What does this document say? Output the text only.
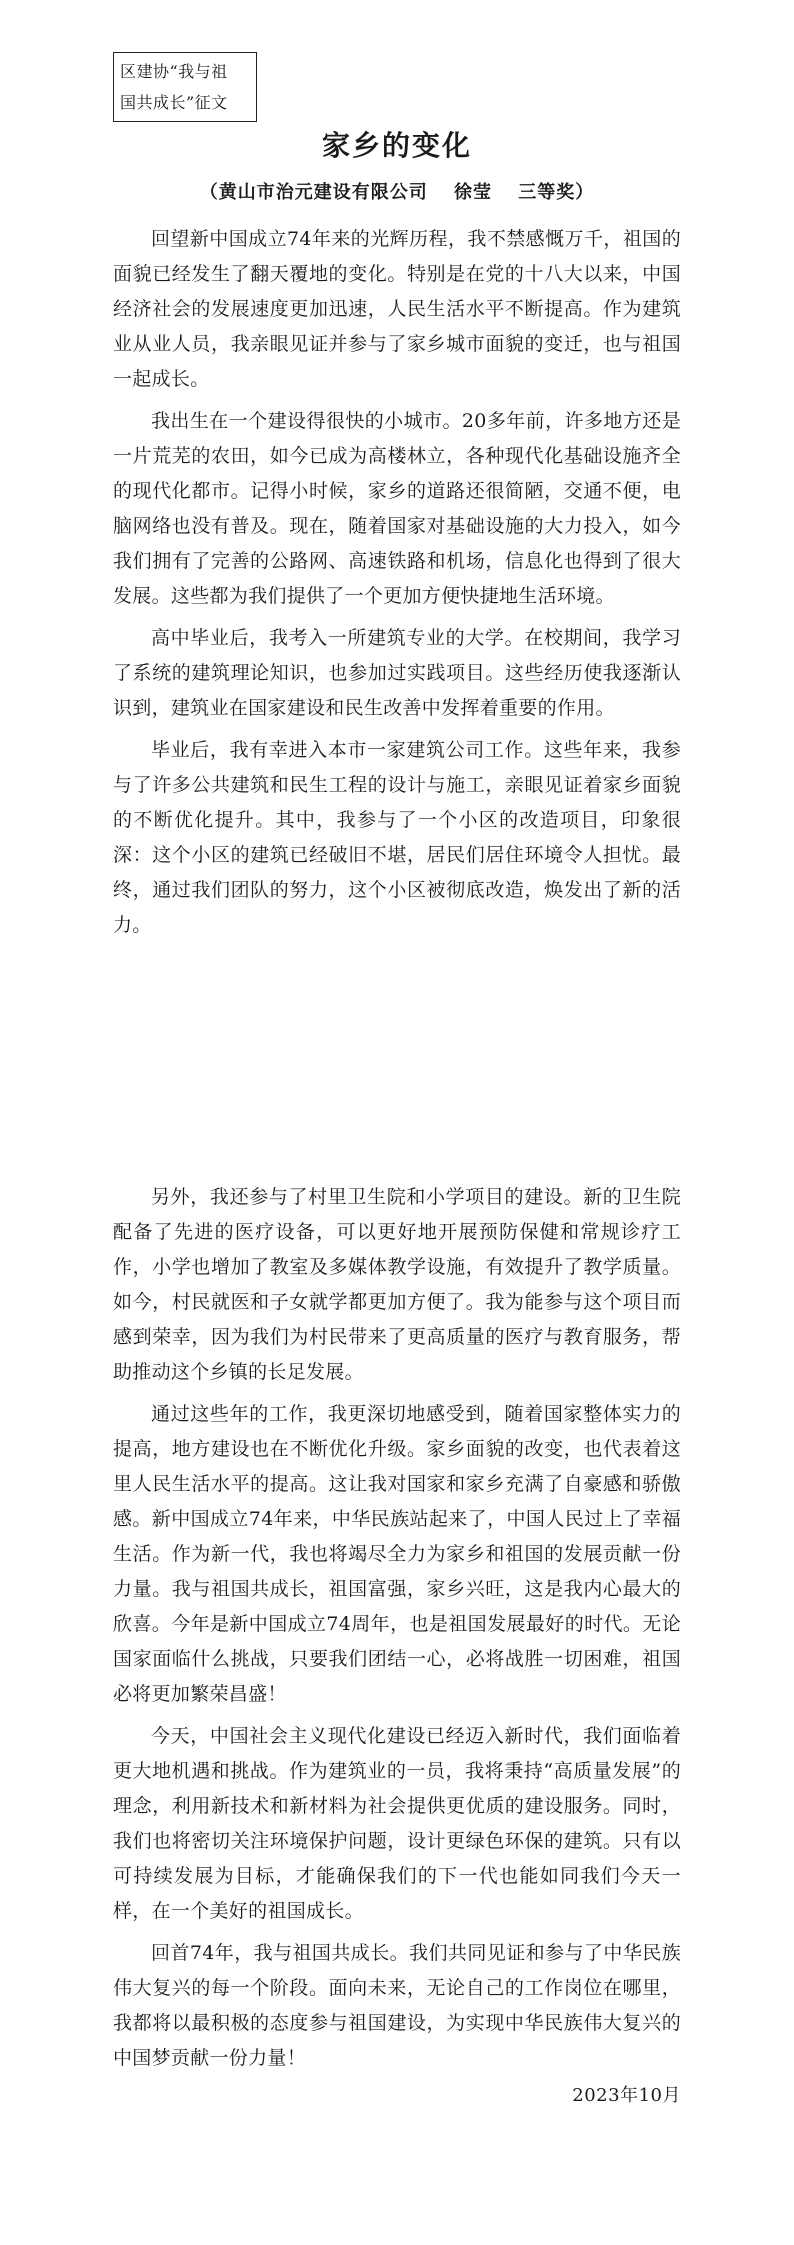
区建协“我与祖
国共成长”征文
家乡的变化
（黄山市治元建设有限公司　 徐莹　 三等奖）

回望新中国成立74年来的光辉历程，我不禁感慨万千，祖国的面貌已经发生了翻天覆地的变化。特别是在党的十八大以来，中国经济社会的发展速度更加迅速，人民生活水平不断提高。作为建筑业从业人员，我亲眼见证并参与了家乡城市面貌的变迁，也与祖国一起成长。

我出生在一个建设得很快的小城市。20多年前，许多地方还是一片荒芜的农田，如今已成为高楼林立，各种现代化基础设施齐全的现代化都市。记得小时候，家乡的道路还很简陋，交通不便，电脑网络也没有普及。现在，随着国家对基础设施的大力投入，如今我们拥有了完善的公路网、高速铁路和机场，信息化也得到了很大发展。这些都为我们提供了一个更加方便快捷地生活环境。

高中毕业后，我考入一所建筑专业的大学。在校期间，我学习了系统的建筑理论知识，也参加过实践项目。这些经历使我逐渐认识到，建筑业在国家建设和民生改善中发挥着重要的作用。

毕业后，我有幸进入本市一家建筑公司工作。这些年来，我参与了许多公共建筑和民生工程的设计与施工，亲眼见证着家乡面貌的不断优化提升。其中，我参与了一个小区的改造项目，印象很深：这个小区的建筑已经破旧不堪，居民们居住环境令人担忧。最终，通过我们团队的努力，这个小区被彻底改造，焕发出了新的活力。

另外，我还参与了村里卫生院和小学项目的建设。新的卫生院配备了先进的医疗设备，可以更好地开展预防保健和常规诊疗工作，小学也增加了教室及多媒体教学设施，有效提升了教学质量。如今，村民就医和子女就学都更加方便了。我为能参与这个项目而感到荣幸，因为我们为村民带来了更高质量的医疗与教育服务，帮助推动这个乡镇的长足发展。

通过这些年的工作，我更深切地感受到，随着国家整体实力的提高，地方建设也在不断优化升级。家乡面貌的改变，也代表着这里人民生活水平的提高。这让我对国家和家乡充满了自豪感和骄傲感。新中国成立74年来，中华民族站起来了，中国人民过上了幸福生活。作为新一代，我也将竭尽全力为家乡和祖国的发展贡献一份力量。我与祖国共成长，祖国富强，家乡兴旺，这是我内心最大的欣喜。今年是新中国成立74周年，也是祖国发展最好的时代。无论国家面临什么挑战，只要我们团结一心，必将战胜一切困难，祖国必将更加繁荣昌盛！

今天，中国社会主义现代化建设已经迈入新时代，我们面临着更大地机遇和挑战。作为建筑业的一员，我将秉持“高质量发展”的理念，利用新技术和新材料为社会提供更优质的建设服务。同时，我们也将密切关注环境保护问题，设计更绿色环保的建筑。只有以可持续发展为目标，才能确保我们的下一代也能如同我们今天一样，在一个美好的祖国成长。

回首74年，我与祖国共成长。我们共同见证和参与了中华民族伟大复兴的每一个阶段。面向未来，无论自己的工作岗位在哪里，我都将以最积极的态度参与祖国建设，为实现中华民族伟大复兴的中国梦贡献一份力量！

2023年10月
